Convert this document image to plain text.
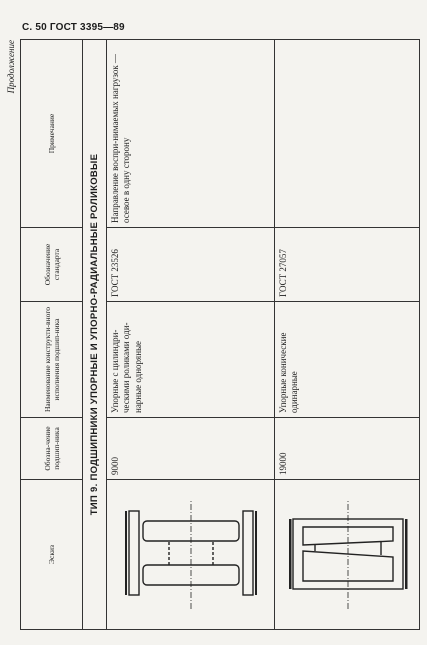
С. 50 ГОСТ 3395—89
Продолжение
Эскиз	Обозна-чение подшип-ника	Наименование конструкти-вного исполнения подшип-ника	Обозначение стандарта	Примечание
ТИП 9. ПОДШИПНИКИ УПОРНЫЕ И УПОРНО-РАДИАЛЬНЫЕ РОЛИКОВЫЕ				

	9000	Упорные с цилиндри-ческими роликами оди-нарные одноряные	ГОСТ 23526	Направление воспри-нимаемых нагрузок — осевое в одну сторону

	19000	Упорные конические одинарные	ГОСТ 27057	
